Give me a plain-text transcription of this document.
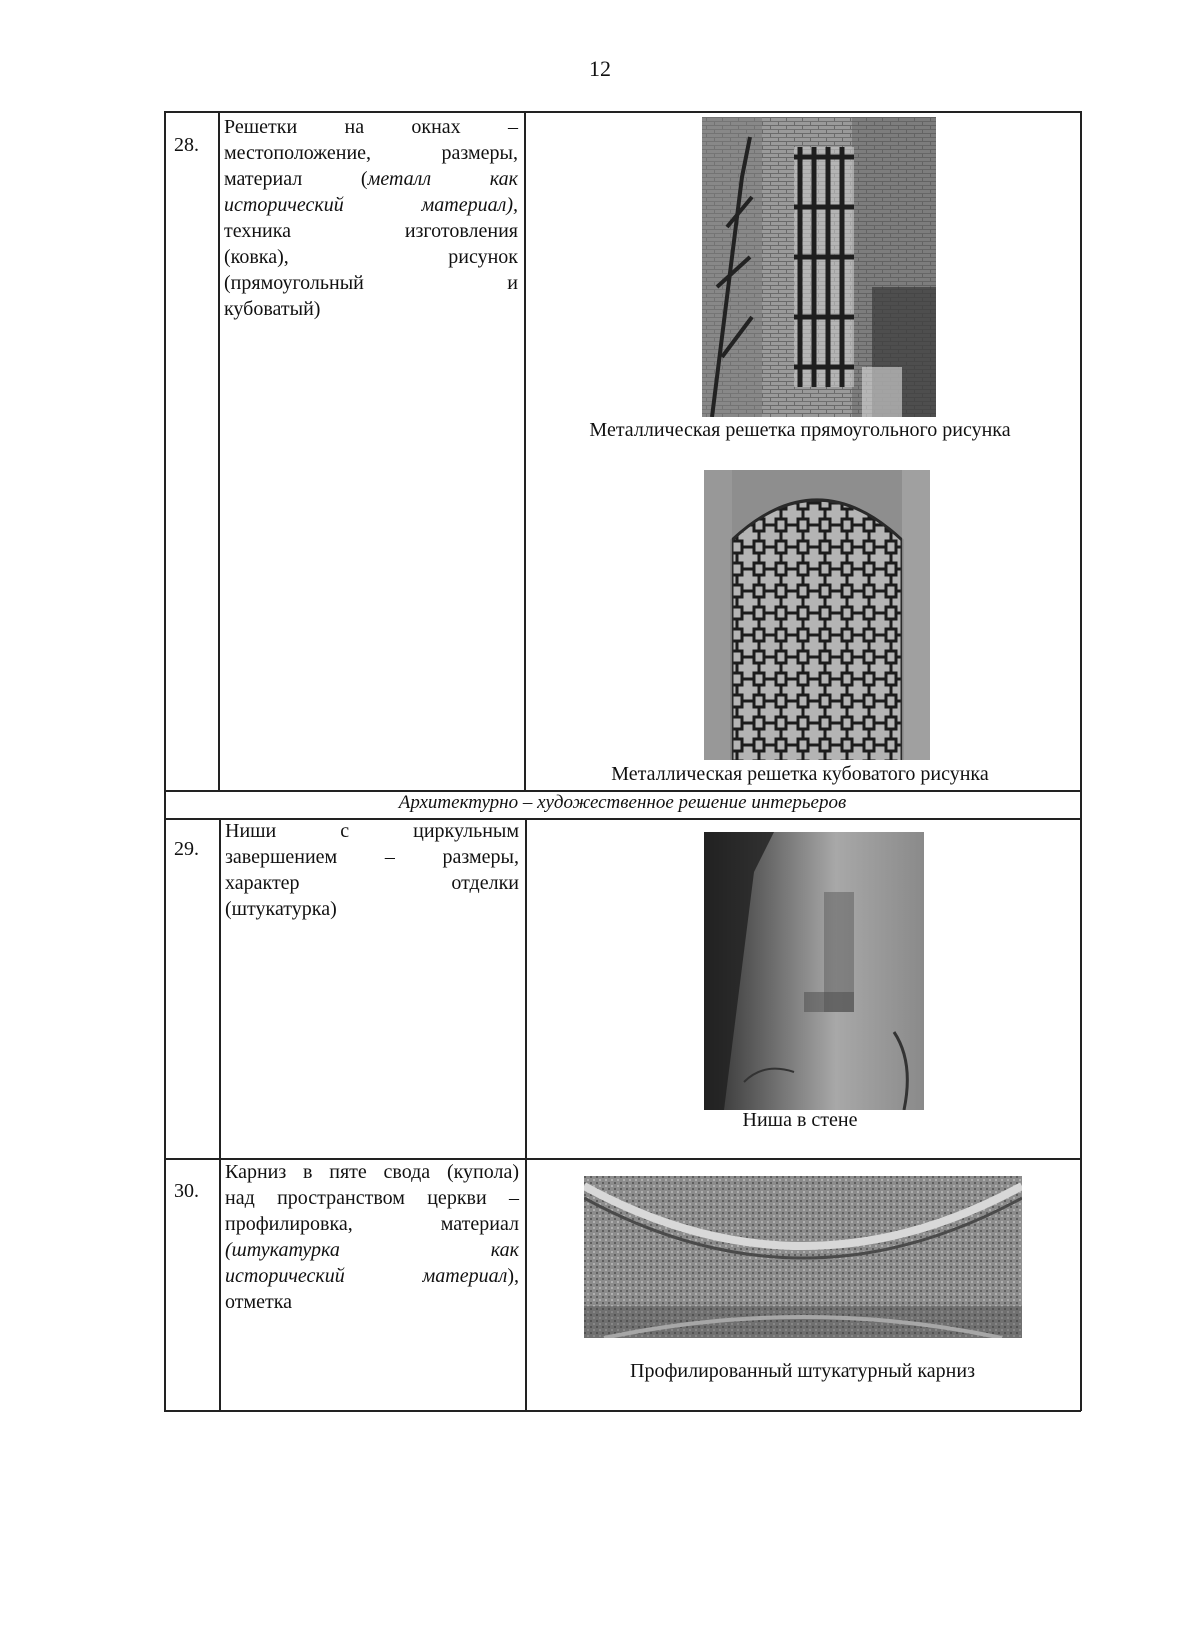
12
28.
Решетки на окнах –
местоположение, размеры,
материал (металл как
исторический материал),
техника изготовления
(ковка), рисунок
(прямоугольный и
кубоватый)
Металлическая решетка прямоугольного рисунка
Металлическая решетка кубоватого рисунка
Архитектурно – художественное решение интерьеров
29.
Ниши с циркульным
завершением – размеры,
характер отделки
(штукатурка)
Ниша в стене
30.
Карниз в пяте свода (купола)
над пространством церкви –
профилировка, материал
(штукатурка как
исторический материал),
отметка
Профилированный штукатурный карниз
